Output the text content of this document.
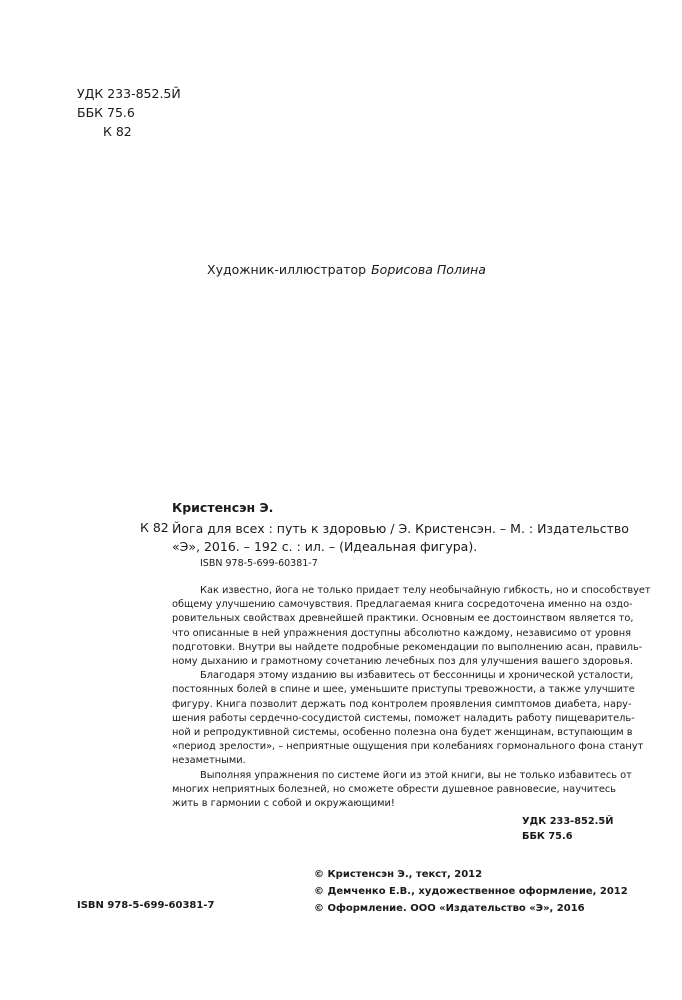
УДК 233-852.5Й
ББК 75.6
К 82
Художник-иллюстратор Борисова Полина
Кристенсэн Э.
К 82 Йога для всех : путь к здоровью / Э. Кристенсэн. – М. : Издательство
«Э», 2016. – 192 с. : ил. – (Идеальная фигура).
ISBN 978-5-699-60381-7
Как известно, йога не только придает телу необычайную гибкость, но и способствует
общему улучшению самочувствия. Предлагаемая книга сосредоточена именно на оздо-
ровительных свойствах древнейшей практики. Основным ее достоинством является то,
что описанные в ней упражнения доступны абсолютно каждому, независимо от уровня
подготовки. Внутри вы найдете подробные рекомендации по выполнению асан, правиль-
ному дыханию и грамотному сочетанию лечебных поз для улучшения вашего здоровья.
Благодаря этому изданию вы избавитесь от бессонницы и хронической усталости,
постоянных болей в спине и шее, уменьшите приступы тревожности, а также улучшите
фигуру. Книга позволит держать под контролем проявления симптомов диабета, нару-
шения работы сердечно-сосудистой системы, поможет наладить работу пищеваритель-
ной и репродуктивной системы, особенно полезна она будет женщинам, вступающим в
«период зрелости», – неприятные ощущения при колебаниях гормонального фона станут
незаметными.
Выполняя упражнения по системе йоги из этой книги, вы не только избавитесь от
многих неприятных болезней, но сможете обрести душевное равновесие, научитесь
жить в гармонии с собой и окружающими!
УДК 233-852.5Й
ББК 75.6
© Кристенсэн Э., текст, 2012
© Демченко Е.В., художественное оформление, 2012
© Оформление. ООО «Издательство «Э», 2016
ISBN 978-5-699-60381-7
